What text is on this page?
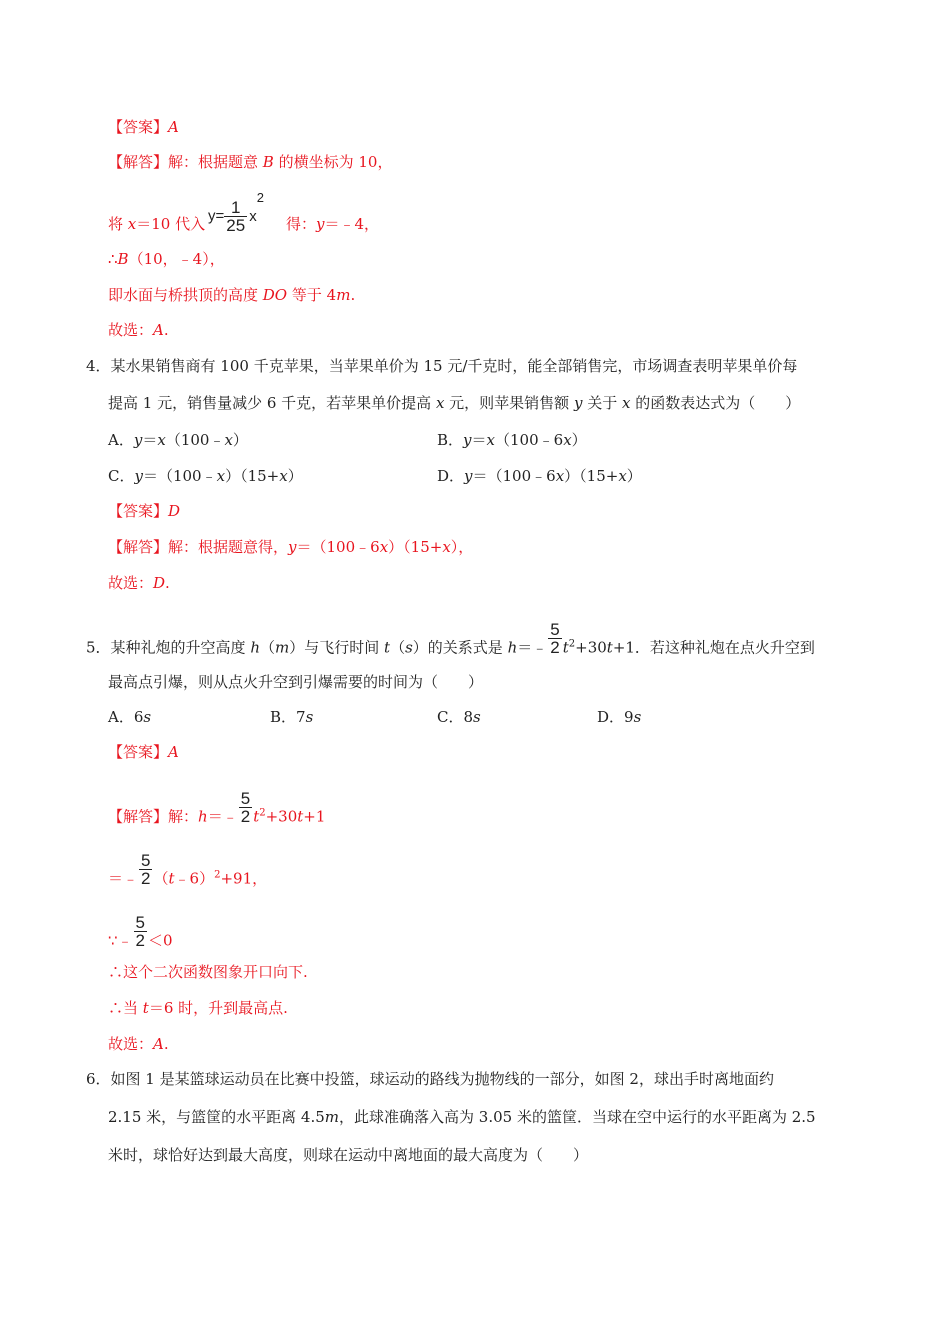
【答案】A
【解答】解：根据题意 B 的横坐标为 10，
将 x＝10 代入 $y= \frac{1}{25} x^2$
得：y＝﹣4，
∴B（10，﹣4），
即水面与桥拱顶的高度 DO 等于 4m.
故选：A.
4．某水果销售商有 100 千克苹果，当苹果单价为 15 元/千克时，能全部销售完，市场调查表明苹果单价每
提高 1 元，销售量减少 6 千克，若苹果单价提高 x 元，则苹果销售额 y 关于 x 的函数表达式为（　　）
A．y＝x（100﹣x）	B．y＝x（100﹣6x）
C．y＝（100﹣x）（15+x）	D．y＝（100﹣6x）（15+x）
【答案】D
【解答】解：根据题意得，y＝（100﹣6x）（15+x），
故选：D.
5．某种礼炮的升空高度 h（m）与飞行时间 t（s）的关系式是 h＝﹣ $\frac{5}{2} t^2+30t+1$．若这种礼炮在点火升空到
最高点引爆，则从点火升空到引爆需要的时间为（　　）
A．6s	B．7s	C．8s	D．9s
【答案】A
【解答】解：h＝﹣ $\frac{5}{2} t^2+30t+1$
＝﹣ $\frac{5}{2}$ （t﹣6）$^2$+91，
∵﹣ $\frac{5}{2} <0$
∴这个二次函数图象开口向下.
∴当 t＝6 时，升到最高点.
故选：A.
6．如图 1 是某篮球运动员在比赛中投篮，球运动的路线为抛物线的一部分，如图 2，球出手时离地面约
2.15 米，与篮筐的水平距离 4.5m，此球准确落入高为 3.05 米的篮筐．当球在空中运行的水平距离为 2.5
米时，球恰好达到最大高度，则球在运动中离地面的最大高度为（　　）
